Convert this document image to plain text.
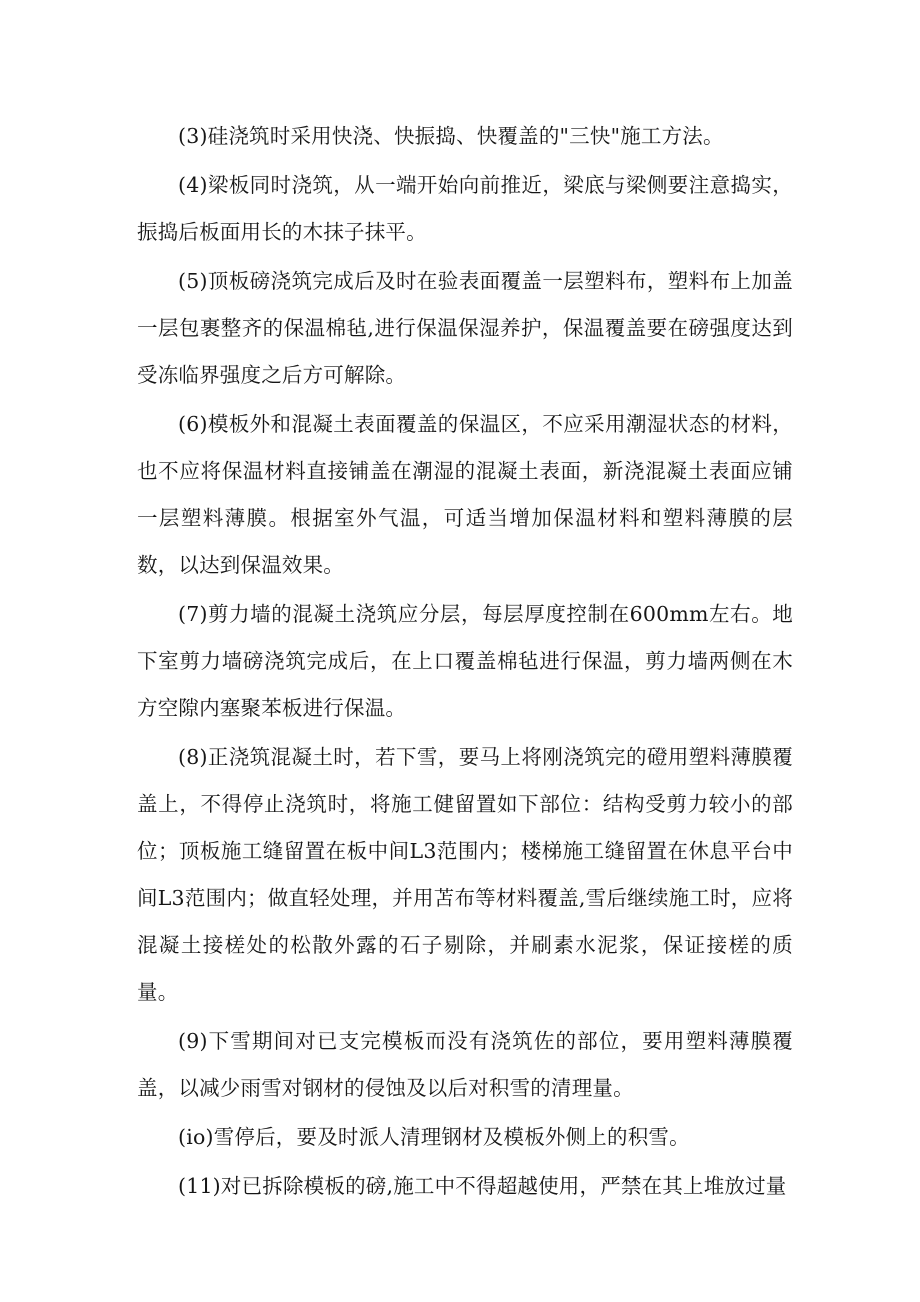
(3)硅浇筑时采用快浇、快振捣、快覆盖的"三快"施工方法。

(4)梁板同时浇筑，从一端开始向前推近，梁底与梁侧要注意捣实，振捣后板面用长的木抹子抹平。

(5)顶板磅浇筑完成后及时在验表面覆盖一层塑料布，塑料布上加盖一层包裹整齐的保温棉毡,进行保温保湿养护，保温覆盖要在磅强度达到受冻临界强度之后方可解除。

(6)模板外和混凝土表面覆盖的保温区，不应采用潮湿状态的材料，也不应将保温材料直接铺盖在潮湿的混凝土表面，新浇混凝土表面应铺一层塑料薄膜。根据室外气温，可适当增加保温材料和塑料薄膜的层数，以达到保温效果。

(7)剪力墙的混凝土浇筑应分层，每层厚度控制在600mm左右。地下室剪力墙磅浇筑完成后，在上口覆盖棉毡进行保温，剪力墙两侧在木方空隙内塞聚苯板进行保温。

(8)正浇筑混凝土时，若下雪，要马上将刚浇筑完的磴用塑料薄膜覆盖上，不得停止浇筑时，将施工健留置如下部位：结构受剪力较小的部位；顶板施工缝留置在板中间L3范围内；楼梯施工缝留置在休息平台中间L3范围内；做直轻处理，并用苫布等材料覆盖,雪后继续施工时，应将混凝土接槎处的松散外露的石子剔除，并刷素水泥浆，保证接槎的质量。

(9)下雪期间对已支完模板而没有浇筑佐的部位，要用塑料薄膜覆盖，以减少雨雪对钢材的侵蚀及以后对积雪的清理量。

(io)雪停后，要及时派人清理钢材及模板外侧上的积雪。

(11)对已拆除模板的磅,施工中不得超越使用，严禁在其上堆放过量
